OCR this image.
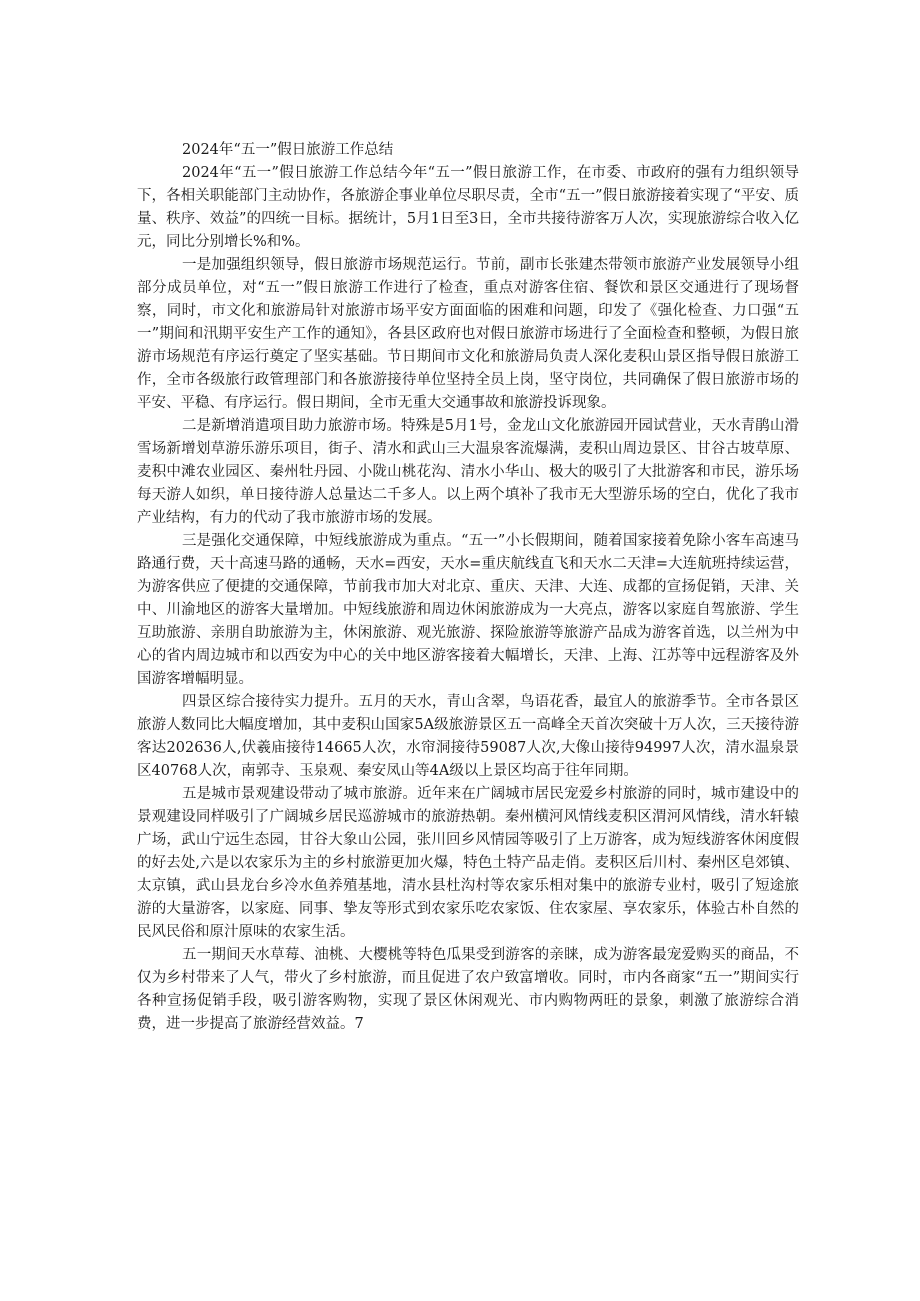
2024年“五一”假日旅游工作总结

2024年“五一”假日旅游工作总结今年“五一”假日旅游工作，在市委、市政府的强有力组织领导下，各相关职能部门主动协作，各旅游企事业单位尽职尽责，全市“五一”假日旅游接着实现了“平安、质量、秩序、效益”的四统一目标。据统计，5月1日至3日，全市共接待游客万人次，实现旅游综合收入亿元，同比分别增长%和%。

一是加强组织领导，假日旅游市场规范运行。节前，副市长张建杰带领市旅游产业发展领导小组部分成员单位，对“五一”假日旅游工作进行了检查，重点对游客住宿、餐饮和景区交通进行了现场督察，同时，市文化和旅游局针对旅游市场平安方面面临的困难和问题，印发了《强化检查、力口强“五一”期间和汛期平安生产工作的通知》，各县区政府也对假日旅游市场进行了全面检查和整顿，为假日旅游市场规范有序运行奠定了坚实基础。节日期间市文化和旅游局负责人深化麦积山景区指导假日旅游工作，全市各级旅行政管理部门和各旅游接待单位坚持全员上岗，坚守岗位，共同确保了假日旅游市场的平安、平稳、有序运行。假日期间，全市无重大交通事故和旅游投诉现象。

二是新增消遣项目助力旅游市场。特殊是5月1号，金龙山文化旅游园开园试营业，天水青鹃山滑雪场新增划草游乐游乐项目，街子、清水和武山三大温泉客流爆满，麦积山周边景区、甘谷古坡草原、麦积中滩农业园区、秦州牡丹园、小陇山桃花沟、清水小华山、极大的吸引了大批游客和市民，游乐场每天游人如织，单日接待游人总量达二千多人。以上两个填补了我市无大型游乐场的空白，优化了我市产业结构，有力的代动了我市旅游市场的发展。

三是强化交通保障，中短线旅游成为重点。“五一”小长假期间，随着国家接着免除小客车高速马路通行费，天十高速马路的通畅，天水=西安，天水=重庆航线直飞和天水二天津=大连航班持续运营，为游客供应了便捷的交通保障，节前我市加大对北京、重庆、天津、大连、成都的宣扬促销，天津、关中、川渝地区的游客大量增加。中短线旅游和周边休闲旅游成为一大亮点，游客以家庭自驾旅游、学生互助旅游、亲朋自助旅游为主，休闲旅游、观光旅游、探险旅游等旅游产品成为游客首选，以兰州为中心的省内周边城市和以西安为中心的关中地区游客接着大幅增长，天津、上海、江苏等中远程游客及外国游客增幅明显。

四景区综合接待实力提升。五月的天水，青山含翠，鸟语花香，最宜人的旅游季节。全市各景区旅游人数同比大幅度增加，其中麦积山国家5A级旅游景区五一高峰全天首次突破十万人次，三天接待游客达202636人,伏羲庙接待14665人次，水帘洞接待59087人次,大像山接待94997人次，清水温泉景区40768人次，南郭寺、玉泉观、秦安凤山等4A级以上景区均高于往年同期。

五是城市景观建设带动了城市旅游。近年来在广阔城市居民宠爱乡村旅游的同时，城市建设中的景观建设同样吸引了广阔城乡居民巡游城市的旅游热朝。秦州横河风情线麦积区渭河风情线，清水轩辕广场，武山宁远生态园，甘谷大象山公园，张川回乡风情园等吸引了上万游客，成为短线游客休闲度假的好去处,六是以农家乐为主的乡村旅游更加火爆，特色土特产品走俏。麦积区后川村、秦州区皂郊镇、太京镇，武山县龙台乡冷水鱼养殖基地，清水县杜沟村等农家乐相对集中的旅游专业村，吸引了短途旅游的大量游客，以家庭、同事、挚友等形式到农家乐吃农家饭、住农家屋、享农家乐，体验古朴自然的民风民俗和原汁原味的农家生活。

五一期间天水草莓、油桃、大樱桃等特色瓜果受到游客的亲睐，成为游客最宠爱购买的商品，不仅为乡村带来了人气，带火了乡村旅游，而且促进了农户致富增收。同时，市内各商家“五一”期间实行各种宣扬促销手段，吸引游客购物，实现了景区休闲观光、市内购物两旺的景象，刺激了旅游综合消费，进一步提高了旅游经营效益。7
